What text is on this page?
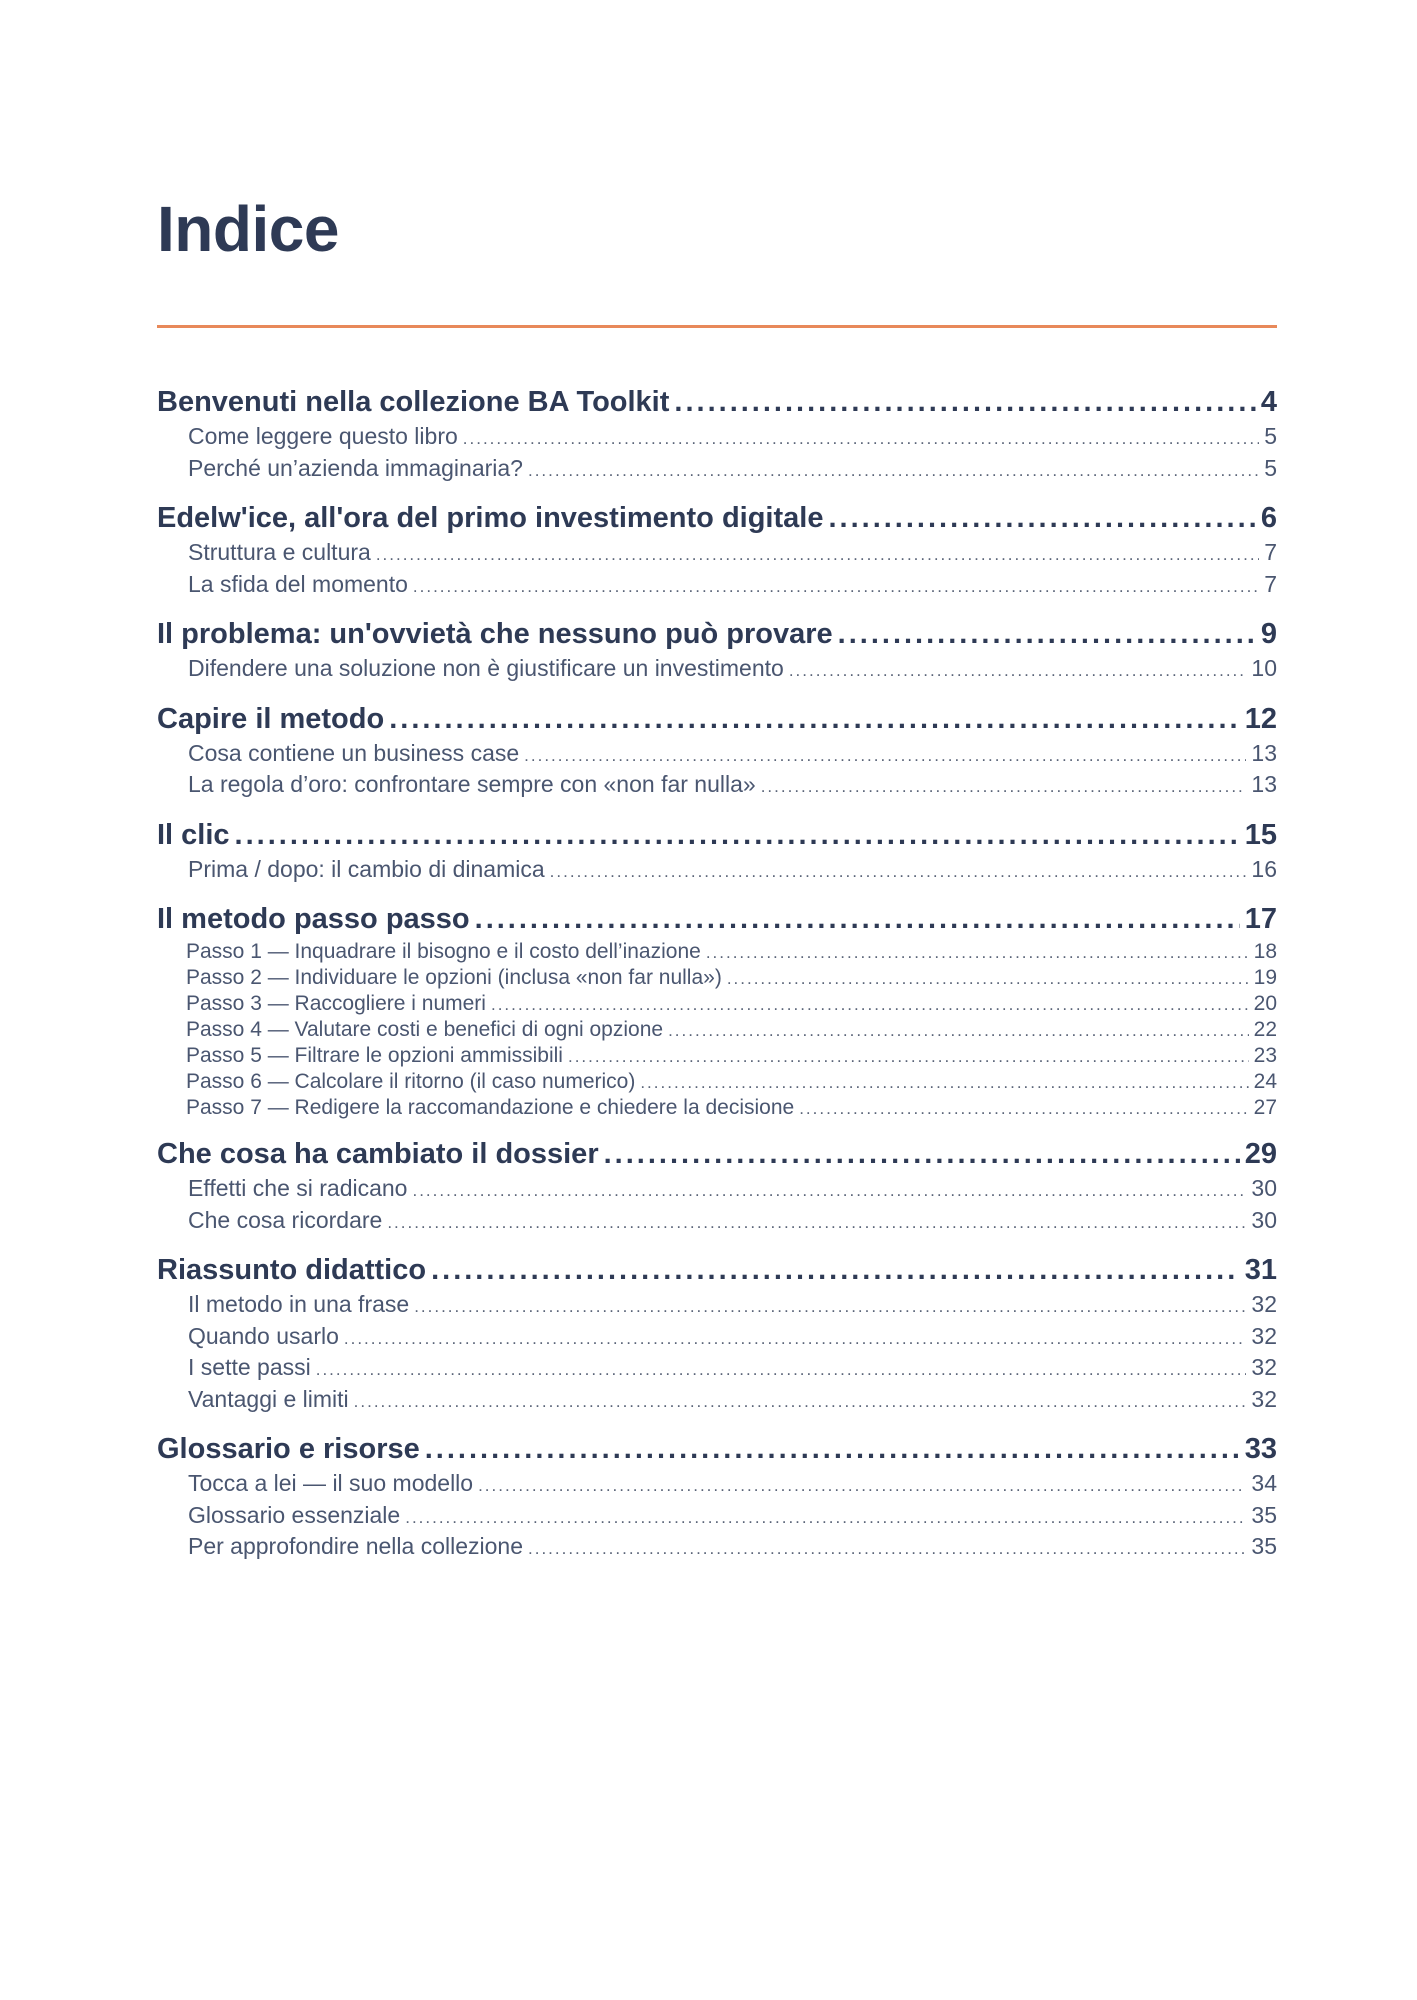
Indice
Benvenuti nella collezione BA Toolkit .....	4
Come leggere questo libro .....	5
Perché un’azienda immaginaria? .....	5
Edelw'ice, all'ora del primo investimento digitale .....	6
Struttura e cultura .....	7
La sfida del momento .....	7
Il problema: un'ovvietà che nessuno può provare .....	9
Difendere una soluzione non è giustificare un investimento .....	10
Capire il metodo .....	12
Cosa contiene un business case .....	13
La regola d’oro: confrontare sempre con «non far nulla» .....	13
Il clic .....	15
Prima / dopo: il cambio di dinamica .....	16
Il metodo passo passo .....	17
Passo 1 — Inquadrare il bisogno e il costo dell’inazione .....	18
Passo 2 — Individuare le opzioni (inclusa «non far nulla») .....	19
Passo 3 — Raccogliere i numeri .....	20
Passo 4 — Valutare costi e benefici di ogni opzione .....	22
Passo 5 — Filtrare le opzioni ammissibili .....	23
Passo 6 — Calcolare il ritorno (il caso numerico) .....	24
Passo 7 — Redigere la raccomandazione e chiedere la decisione .....	27
Che cosa ha cambiato il dossier .....	29
Effetti che si radicano .....	30
Che cosa ricordare .....	30
Riassunto didattico .....	31
Il metodo in una frase .....	32
Quando usarlo .....	32
I sette passi .....	32
Vantaggi e limiti .....	32
Glossario e risorse .....	33
Tocca a lei — il suo modello .....	34
Glossario essenziale .....	35
Per approfondire nella collezione .....	35
